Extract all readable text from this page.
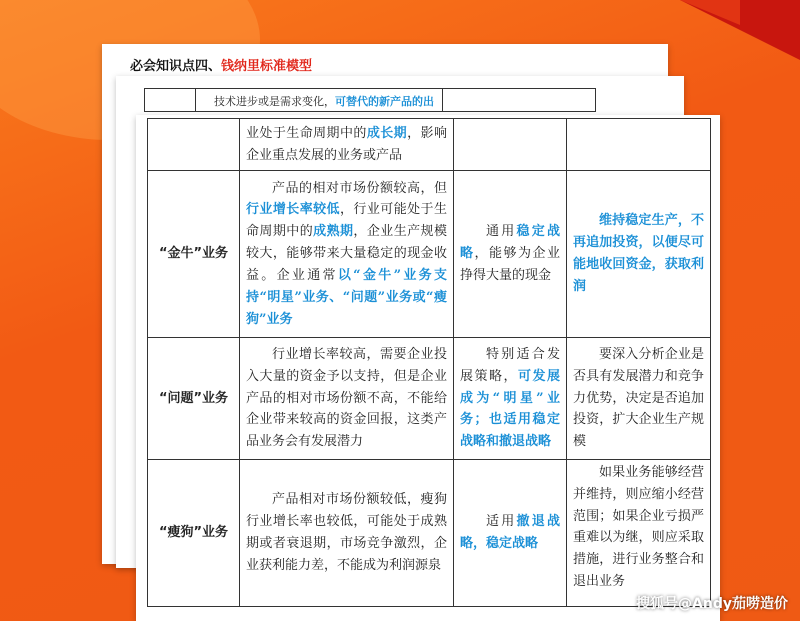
必会知识点四、钱纳里标准模型
技术进步或是需求变化，可替代的新产品的出
	业处于生命周期中的成长期，影响企业重点发展的业务或产品		
“金牛”业务	产品的相对市场份额较高，但行业增长率较低，行业可能处于生命周期中的成熟期，企业生产规模较大，能够带来大量稳定的现金收益。企业通常以“金牛”业务支持“明星”业务、“问题”业务或“瘦狗”业务	通用稳定战略，能够为企业挣得大量的现金	维持稳定生产，不再追加投资，以便尽可能地收回资金，获取利润

“问题”业务	行业增长率较高，需要企业投入大量的资金予以支持，但是企业产品的相对市场份额不高，不能给企业带来较高的资金回报，这类产品业务会有发展潜力	特别适合发展策略，可发展成为“明星”业务；也适用稳定战略和撤退战略	要深入分析企业是否具有发展潜力和竞争力优势，决定是否追加投资，扩大企业生产规模

“瘦狗”业务	产品相对市场份额较低，瘦狗行业增长率也较低，可能处于成熟期或者衰退期，市场竞争激烈，企业获利能力差，不能成为利润源泉	适用撤退战略，稳定战略	如果业务能够经营并维持，则应缩小经营范围；如果企业亏损严重难以为继，则应采取措施，进行业务整合和退出业务
搜狐号@Andy茄唠造价
